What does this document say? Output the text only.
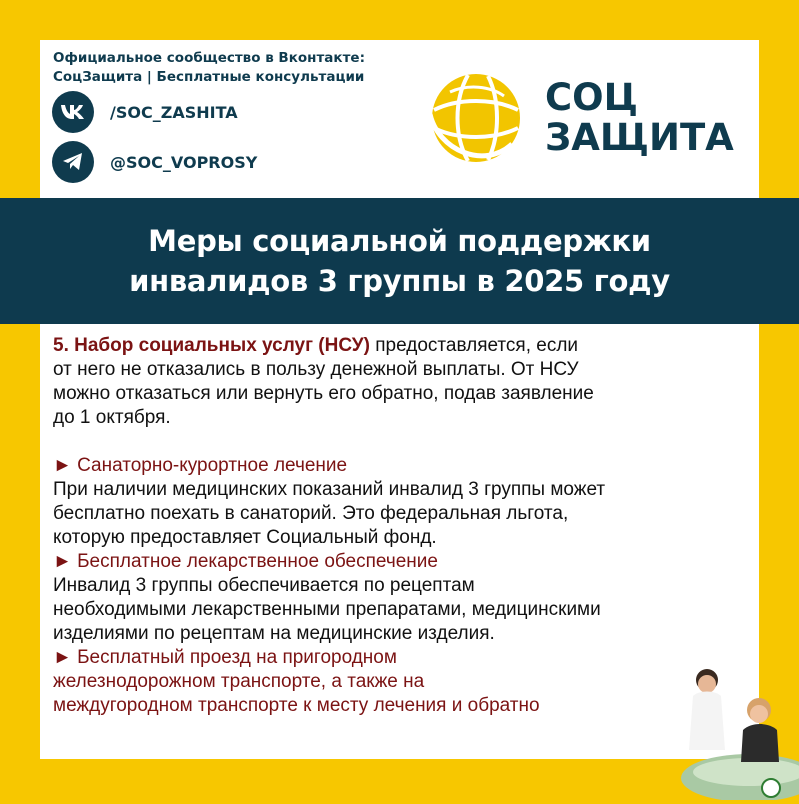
Официальное сообщество в Вконтакте:
СоцЗащита | Бесплатные консультации
/SOC_ZASHITA
@SOC_VOPROSY
СОЦ
ЗАЩИТА
Меры социальной поддержки
инвалидов 3 группы в 2025 году

5. Набор социальных услуг (НСУ) предоставляется, если

от него не отказались в пользу денежной выплаты. От НСУ

можно отказаться или вернуть его обратно, подав заявление

до 1 октября.

► Санаторно-курортное лечение

При наличии медицинских показаний инвалид 3 группы может

бесплатно поехать в санаторий. Это федеральная льгота,

которую предоставляет Социальный фонд.

► Бесплатное лекарственное обеспечение

Инвалид 3 группы обеспечивается по рецептам

необходимыми лекарственными препаратами, медицинскими

изделиями по рецептам на медицинские изделия.

► Бесплатный проезд на пригородном

железнодорожном транспорте, а также на

междугородном транспорте к месту лечения и обратно
